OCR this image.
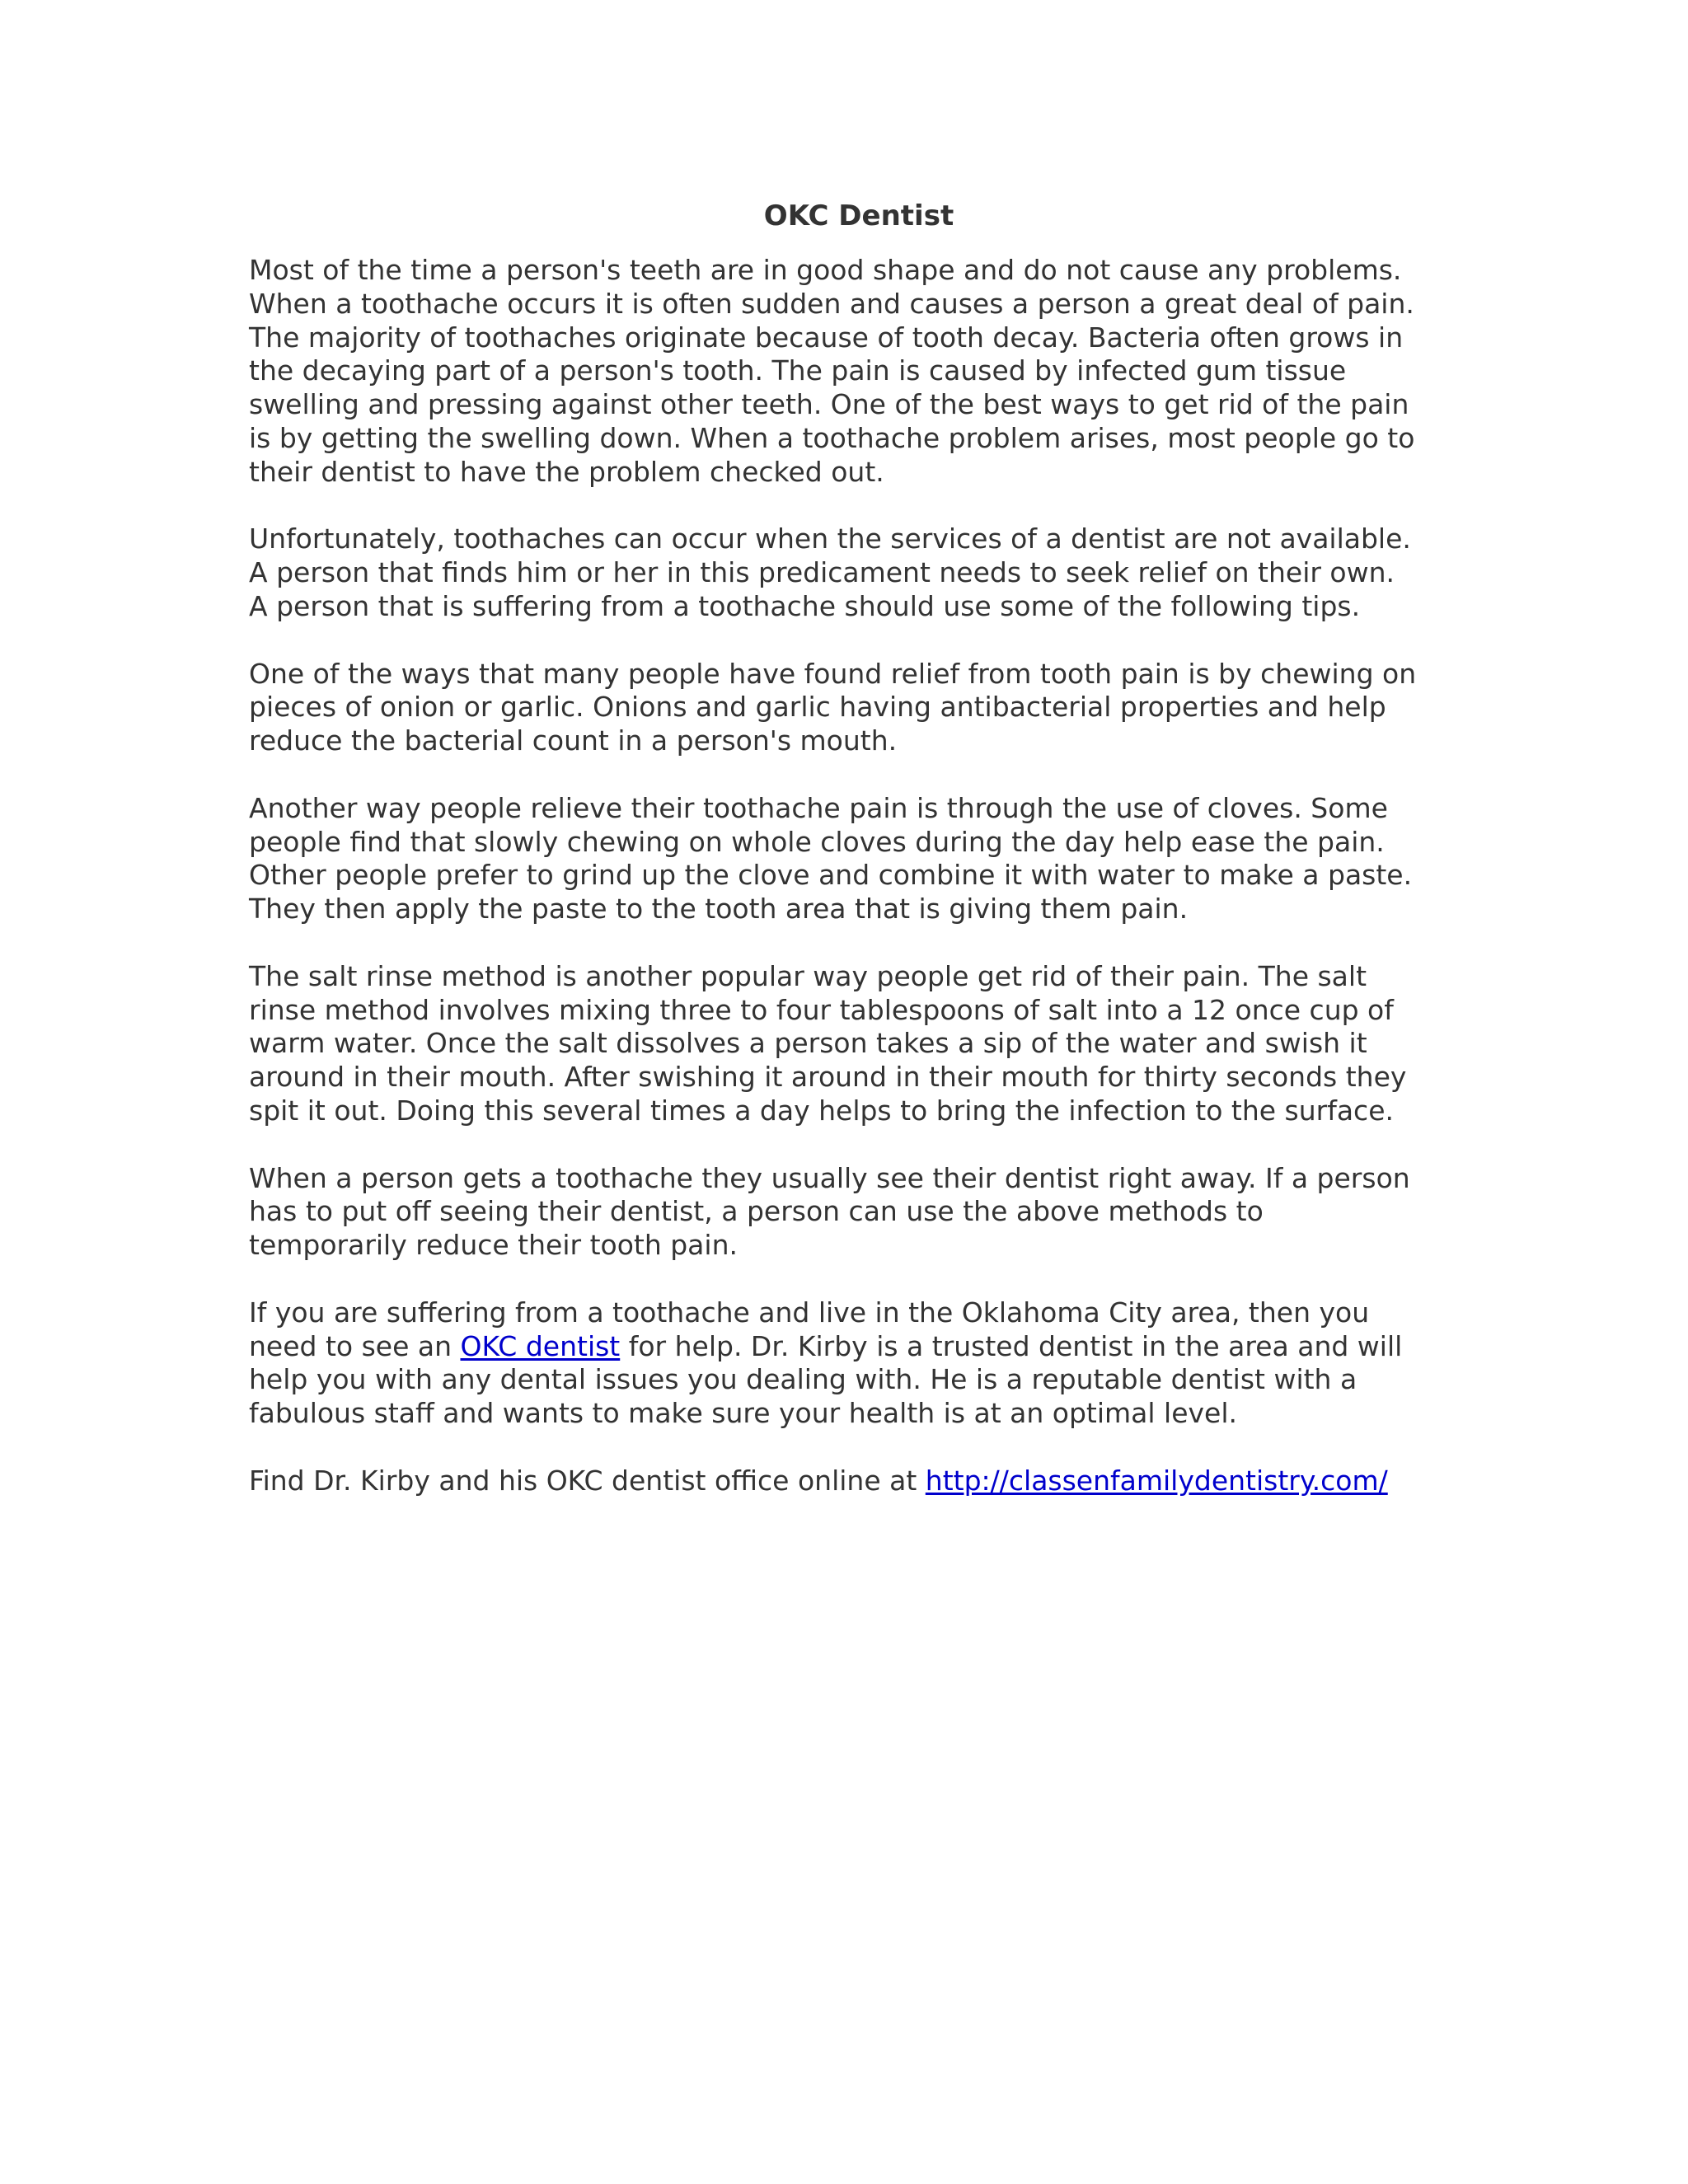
OKC Dentist
Most of the time a person's teeth are in good shape and do not cause any problems.
When a toothache occurs it is often sudden and causes a person a great deal of pain.
The majority of toothaches originate because of tooth decay. Bacteria often grows in
the decaying part of a person's tooth. The pain is caused by infected gum tissue
swelling and pressing against other teeth. One of the best ways to get rid of the pain
is by getting the swelling down. When a toothache problem arises, most people go to
their dentist to have the problem checked out.
Unfortunately, toothaches can occur when the services of a dentist are not available.
A person that finds him or her in this predicament needs to seek relief on their own.
A person that is suffering from a toothache should use some of the following tips.
One of the ways that many people have found relief from tooth pain is by chewing on
pieces of onion or garlic. Onions and garlic having antibacterial properties and help
reduce the bacterial count in a person's mouth.
Another way people relieve their toothache pain is through the use of cloves. Some
people find that slowly chewing on whole cloves during the day help ease the pain.
Other people prefer to grind up the clove and combine it with water to make a paste.
They then apply the paste to the tooth area that is giving them pain.
The salt rinse method is another popular way people get rid of their pain. The salt
rinse method involves mixing three to four tablespoons of salt into a 12 once cup of
warm water. Once the salt dissolves a person takes a sip of the water and swish it
around in their mouth. After swishing it around in their mouth for thirty seconds they
spit it out. Doing this several times a day helps to bring the infection to the surface.
When a person gets a toothache they usually see their dentist right away. If a person
has to put off seeing their dentist, a person can use the above methods to
temporarily reduce their tooth pain.
If you are suffering from a toothache and live in the Oklahoma City area, then you
need to see an OKC dentist for help. Dr. Kirby is a trusted dentist in the area and will
help you with any dental issues you dealing with. He is a reputable dentist with a
fabulous staff and wants to make sure your health is at an optimal level.
Find Dr. Kirby and his OKC dentist office online at http://classenfamilydentistry.com/
